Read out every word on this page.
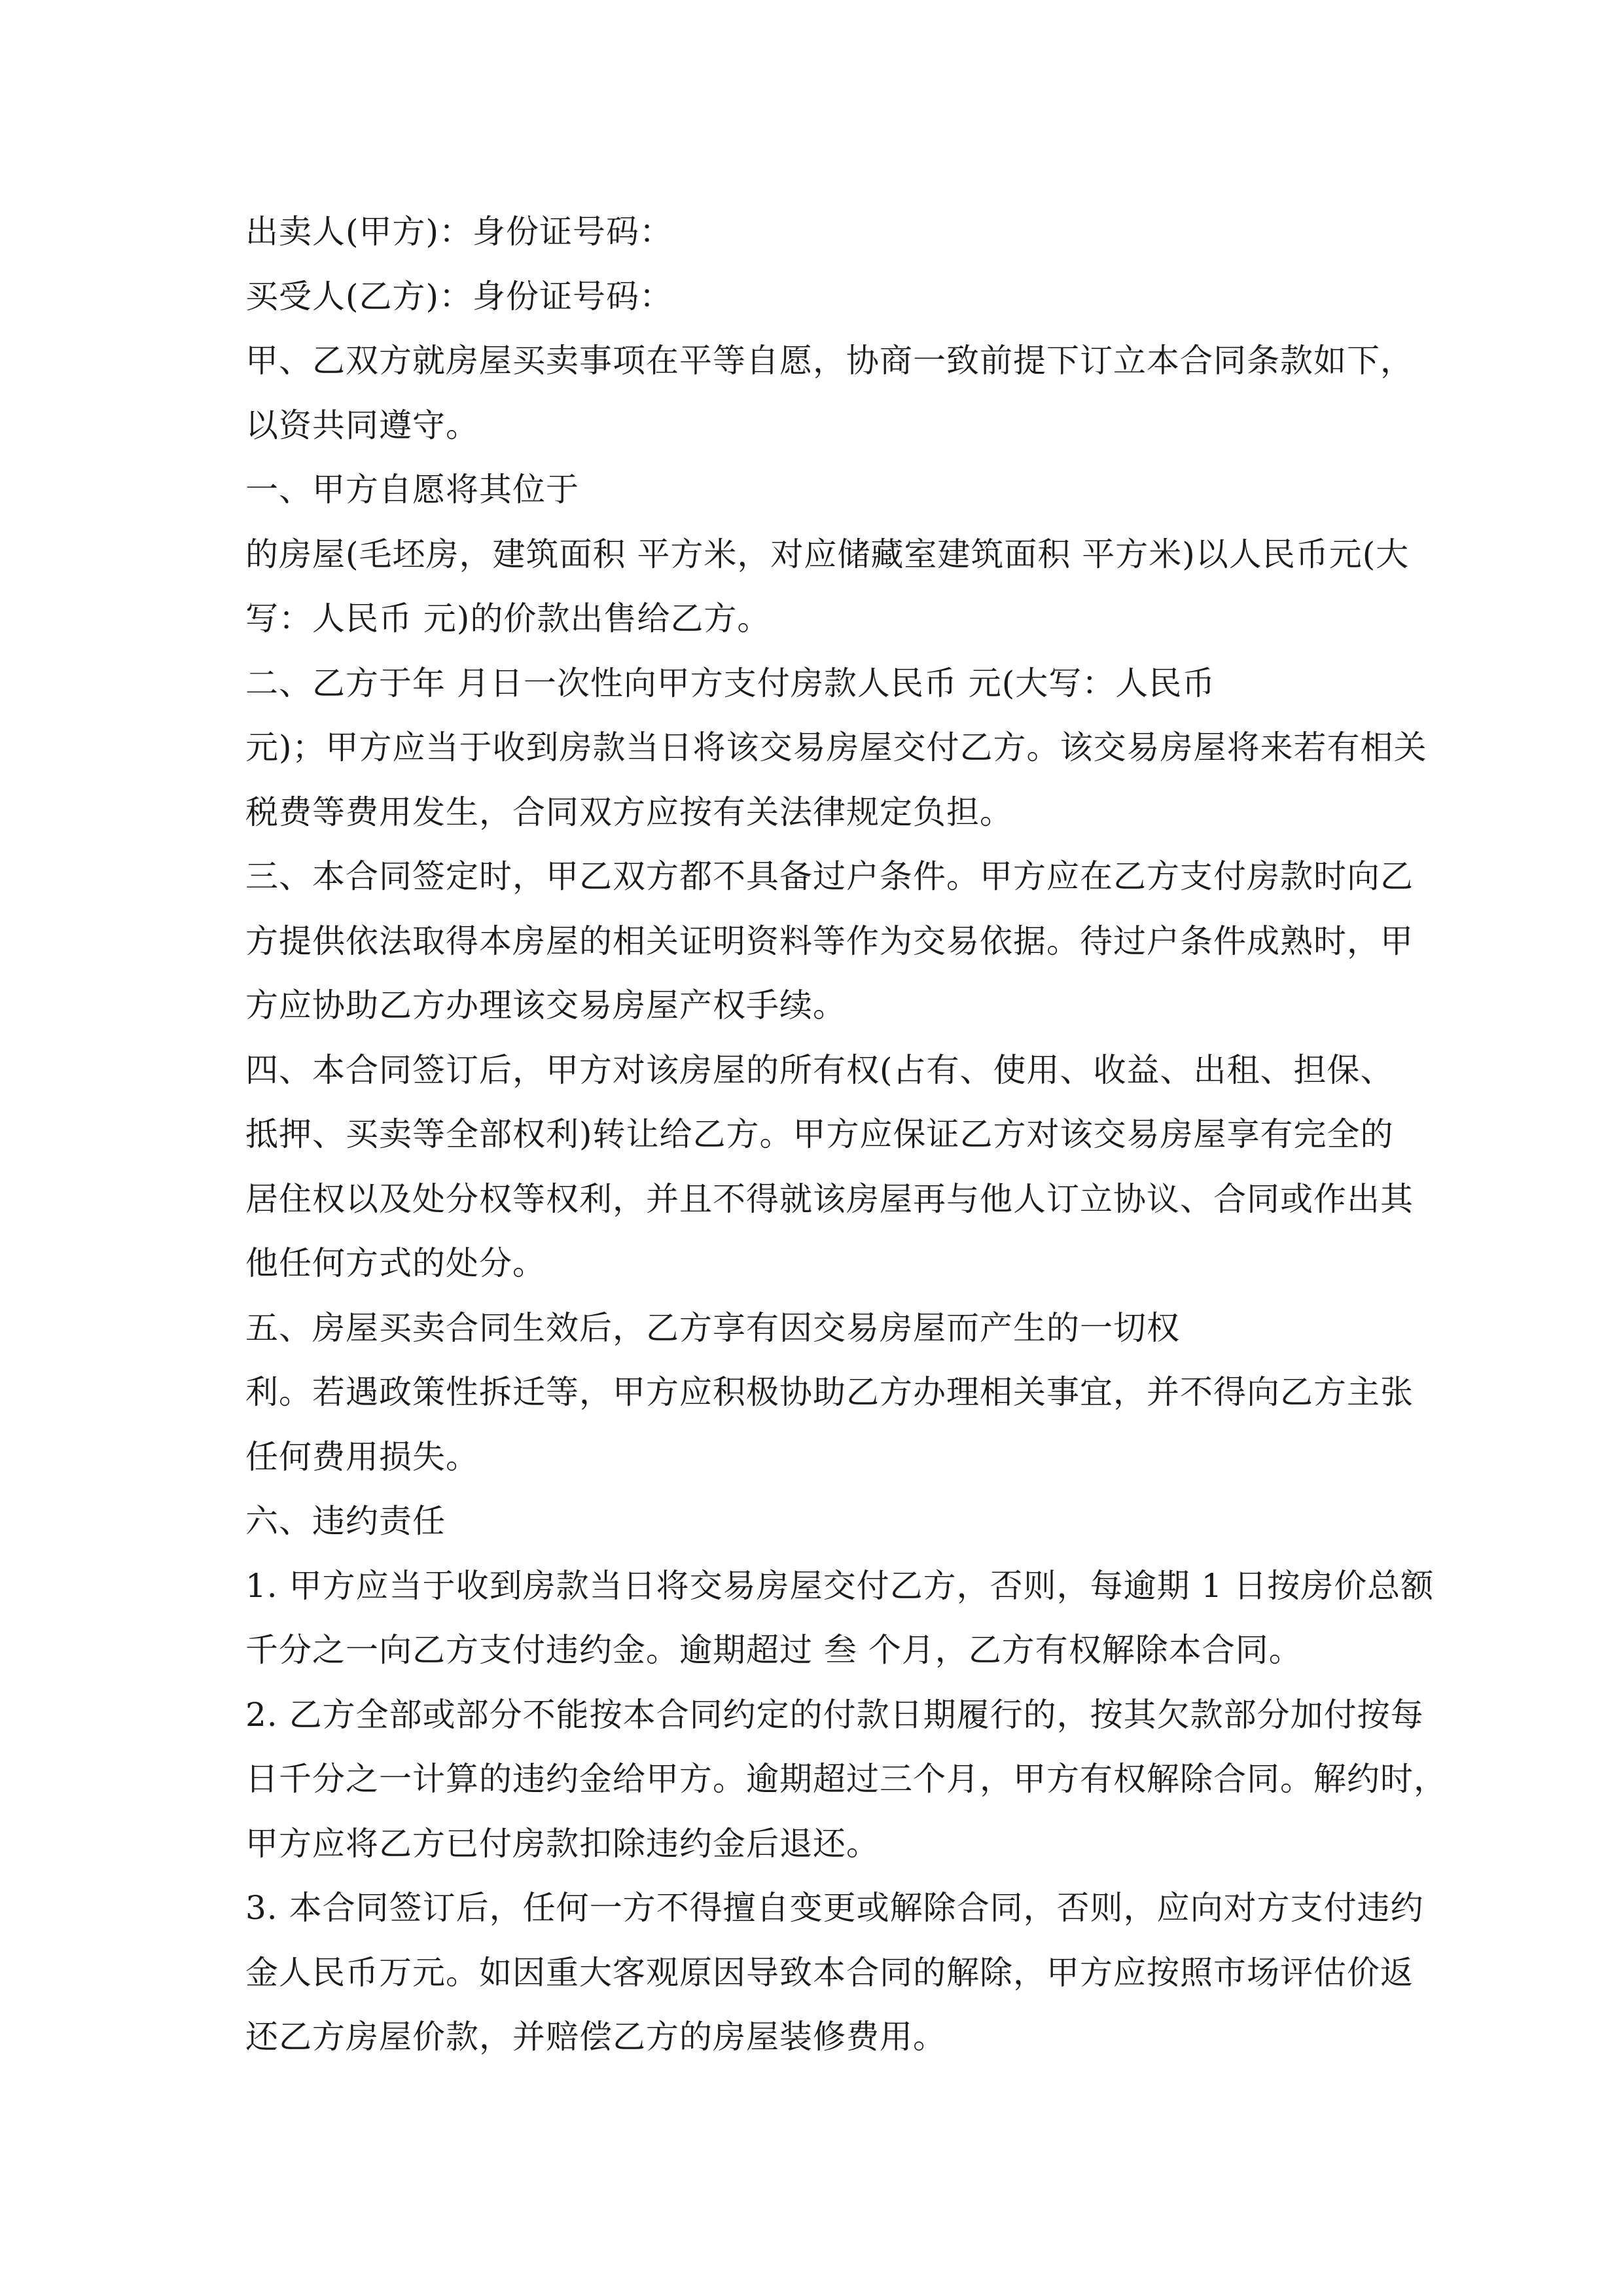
出卖人(甲方)：身份证号码：
买受人(乙方)：身份证号码：
甲、乙双方就房屋买卖事项在平等自愿，协商一致前提下订立本合同条款如下，
以资共同遵守。
一、甲方自愿将其位于
的房屋(毛坯房，建筑面积 平方米，对应储藏室建筑面积 平方米)以人民币元(大
写：人民币 元)的价款出售给乙方。
二、乙方于年 月日一次性向甲方支付房款人民币 元(大写：人民币
元)；甲方应当于收到房款当日将该交易房屋交付乙方。该交易房屋将来若有相关
税费等费用发生，合同双方应按有关法律规定负担。
三、本合同签定时，甲乙双方都不具备过户条件。甲方应在乙方支付房款时向乙
方提供依法取得本房屋的相关证明资料等作为交易依据。待过户条件成熟时，甲
方应协助乙方办理该交易房屋产权手续。
四、本合同签订后，甲方对该房屋的所有权(占有、使用、收益、出租、担保、
抵押、买卖等全部权利)转让给乙方。甲方应保证乙方对该交易房屋享有完全的
居住权以及处分权等权利，并且不得就该房屋再与他人订立协议、合同或作出其
他任何方式的处分。
五、房屋买卖合同生效后，乙方享有因交易房屋而产生的一切权
利。若遇政策性拆迁等，甲方应积极协助乙方办理相关事宜，并不得向乙方主张
任何费用损失。
六、违约责任
1. 甲方应当于收到房款当日将交易房屋交付乙方，否则，每逾期 1 日按房价总额
千分之一向乙方支付违约金。逾期超过 叁 个月，乙方有权解除本合同。
2. 乙方全部或部分不能按本合同约定的付款日期履行的，按其欠款部分加付按每
日千分之一计算的违约金给甲方。逾期超过三个月，甲方有权解除合同。解约时，
甲方应将乙方已付房款扣除违约金后退还。
3. 本合同签订后，任何一方不得擅自变更或解除合同，否则，应向对方支付违约
金人民币万元。如因重大客观原因导致本合同的解除，甲方应按照市场评估价返
还乙方房屋价款，并赔偿乙方的房屋装修费用。
